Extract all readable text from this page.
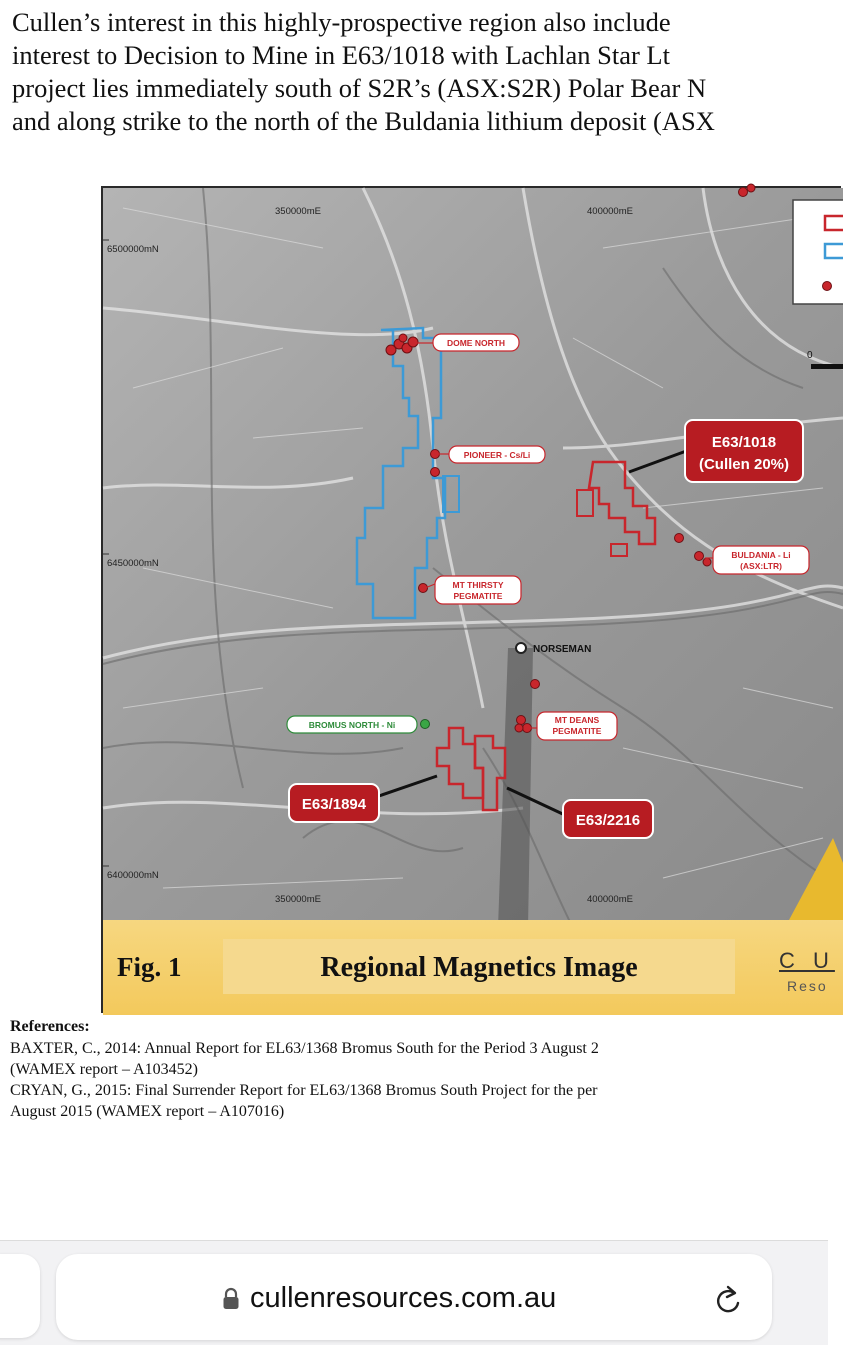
Cullen’s interest in this highly-prospective region also include
interest to Decision to Mine in E63/1018 with Lachlan Star Lt
project lies immediately south of S2R’s (ASX:S2R) Polar Bear N
and along strike to the north of the Buldania lithium deposit (ASX
350000mE	400000mE
350000mE	400000mE
6500000mN
6450000mN
6400000mN
DOME NORTH
PIONEER - Cs/Li
MT THIRSTY
PEGMATITE
BULDANIA - Li
(ASX:LTR)
MT DEANS
PEGMATITE
BROMUS NORTH - Ni
NORSEMAN
E63/1018
(Cullen 20%)
E63/1894
E63/2216
0
Fig. 1	Regional Magnetics Image	C U
Reso
References:
BAXTER, C., 2014: Annual Report for EL63/1368 Bromus South for the Period 3 August 2
(WAMEX report – A103452)
CRYAN, G., 2015: Final Surrender Report for EL63/1368 Bromus South Project for the per
August 2015 (WAMEX report – A107016)
cullenresources.com.au
